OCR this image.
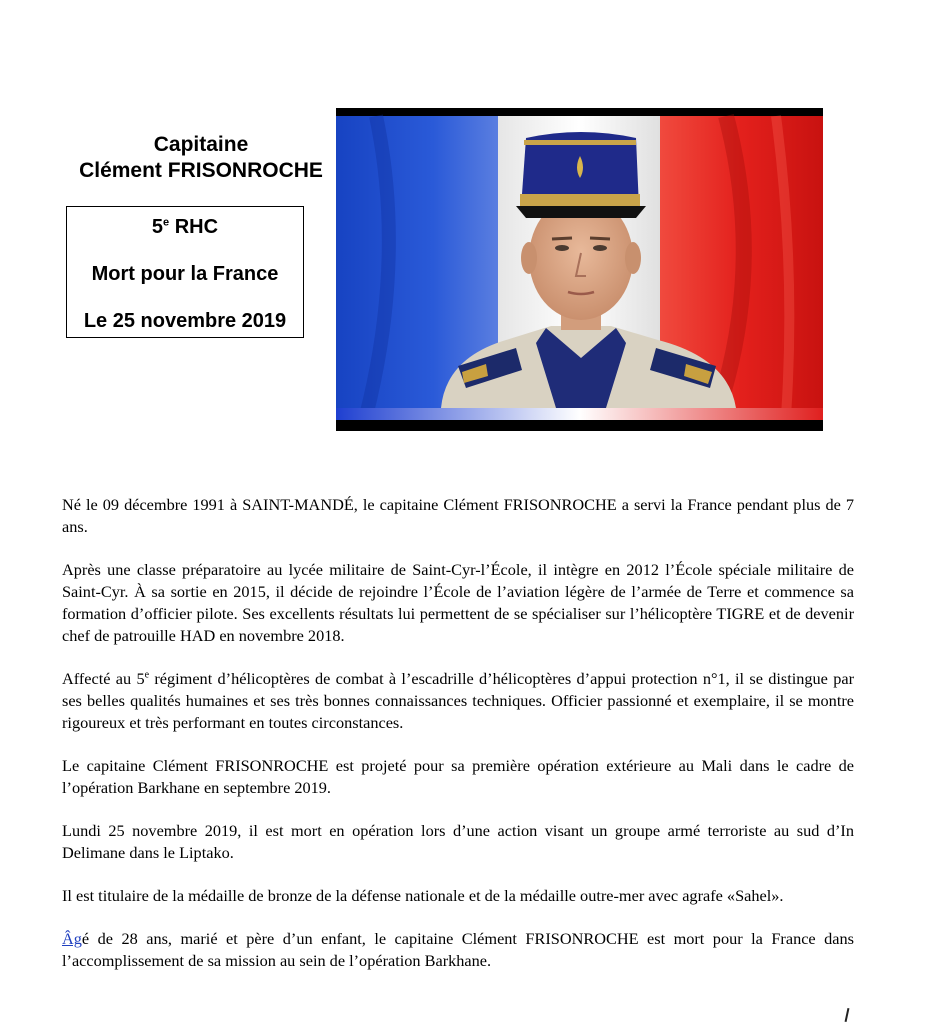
Capitaine
Clément FRISONROCHE
5e RHC
Mort pour la France
Le 25 novembre 2019

Né le 09 décembre 1991 à SAINT-MANDÉ, le capitaine Clément FRISONROCHE a servi la France pendant plus de 7 ans.

Après une classe préparatoire au lycée militaire de Saint-Cyr-l’École, il intègre en 2012 l’École spéciale militaire de Saint-Cyr. À sa sortie en 2015, il décide de rejoindre l’École de l’aviation légère de l’armée de Terre et commence sa formation d’officier pilote. Ses excellents résultats lui permettent de se spécialiser sur l’hélicoptère TIGRE et de devenir chef de patrouille HAD en novembre 2018.

Affecté au 5e régiment d’hélicoptères de combat à l’escadrille d’hélicoptères d’appui protection n°1, il se distingue par ses belles qualités humaines et ses très bonnes connaissances techniques. Officier passionné et exemplaire, il se montre rigoureux et très performant en toutes circonstances.

Le capitaine Clément FRISONROCHE est projeté pour sa première opération extérieure au Mali dans le cadre de l’opération Barkhane en septembre 2019.

Lundi 25 novembre 2019, il est mort en opération lors d’une action visant un groupe armé terroriste au sud d’In Delimane dans le Liptako.

Il est titulaire de la médaille de bronze de la défense nationale et de la médaille outre-mer avec agrafe «Sahel».

Âgé de 28 ans, marié et père d’un enfant, le capitaine Clément FRISONROCHE est mort pour la France dans l’accomplissement de sa mission au sein de l’opération Barkhane.
